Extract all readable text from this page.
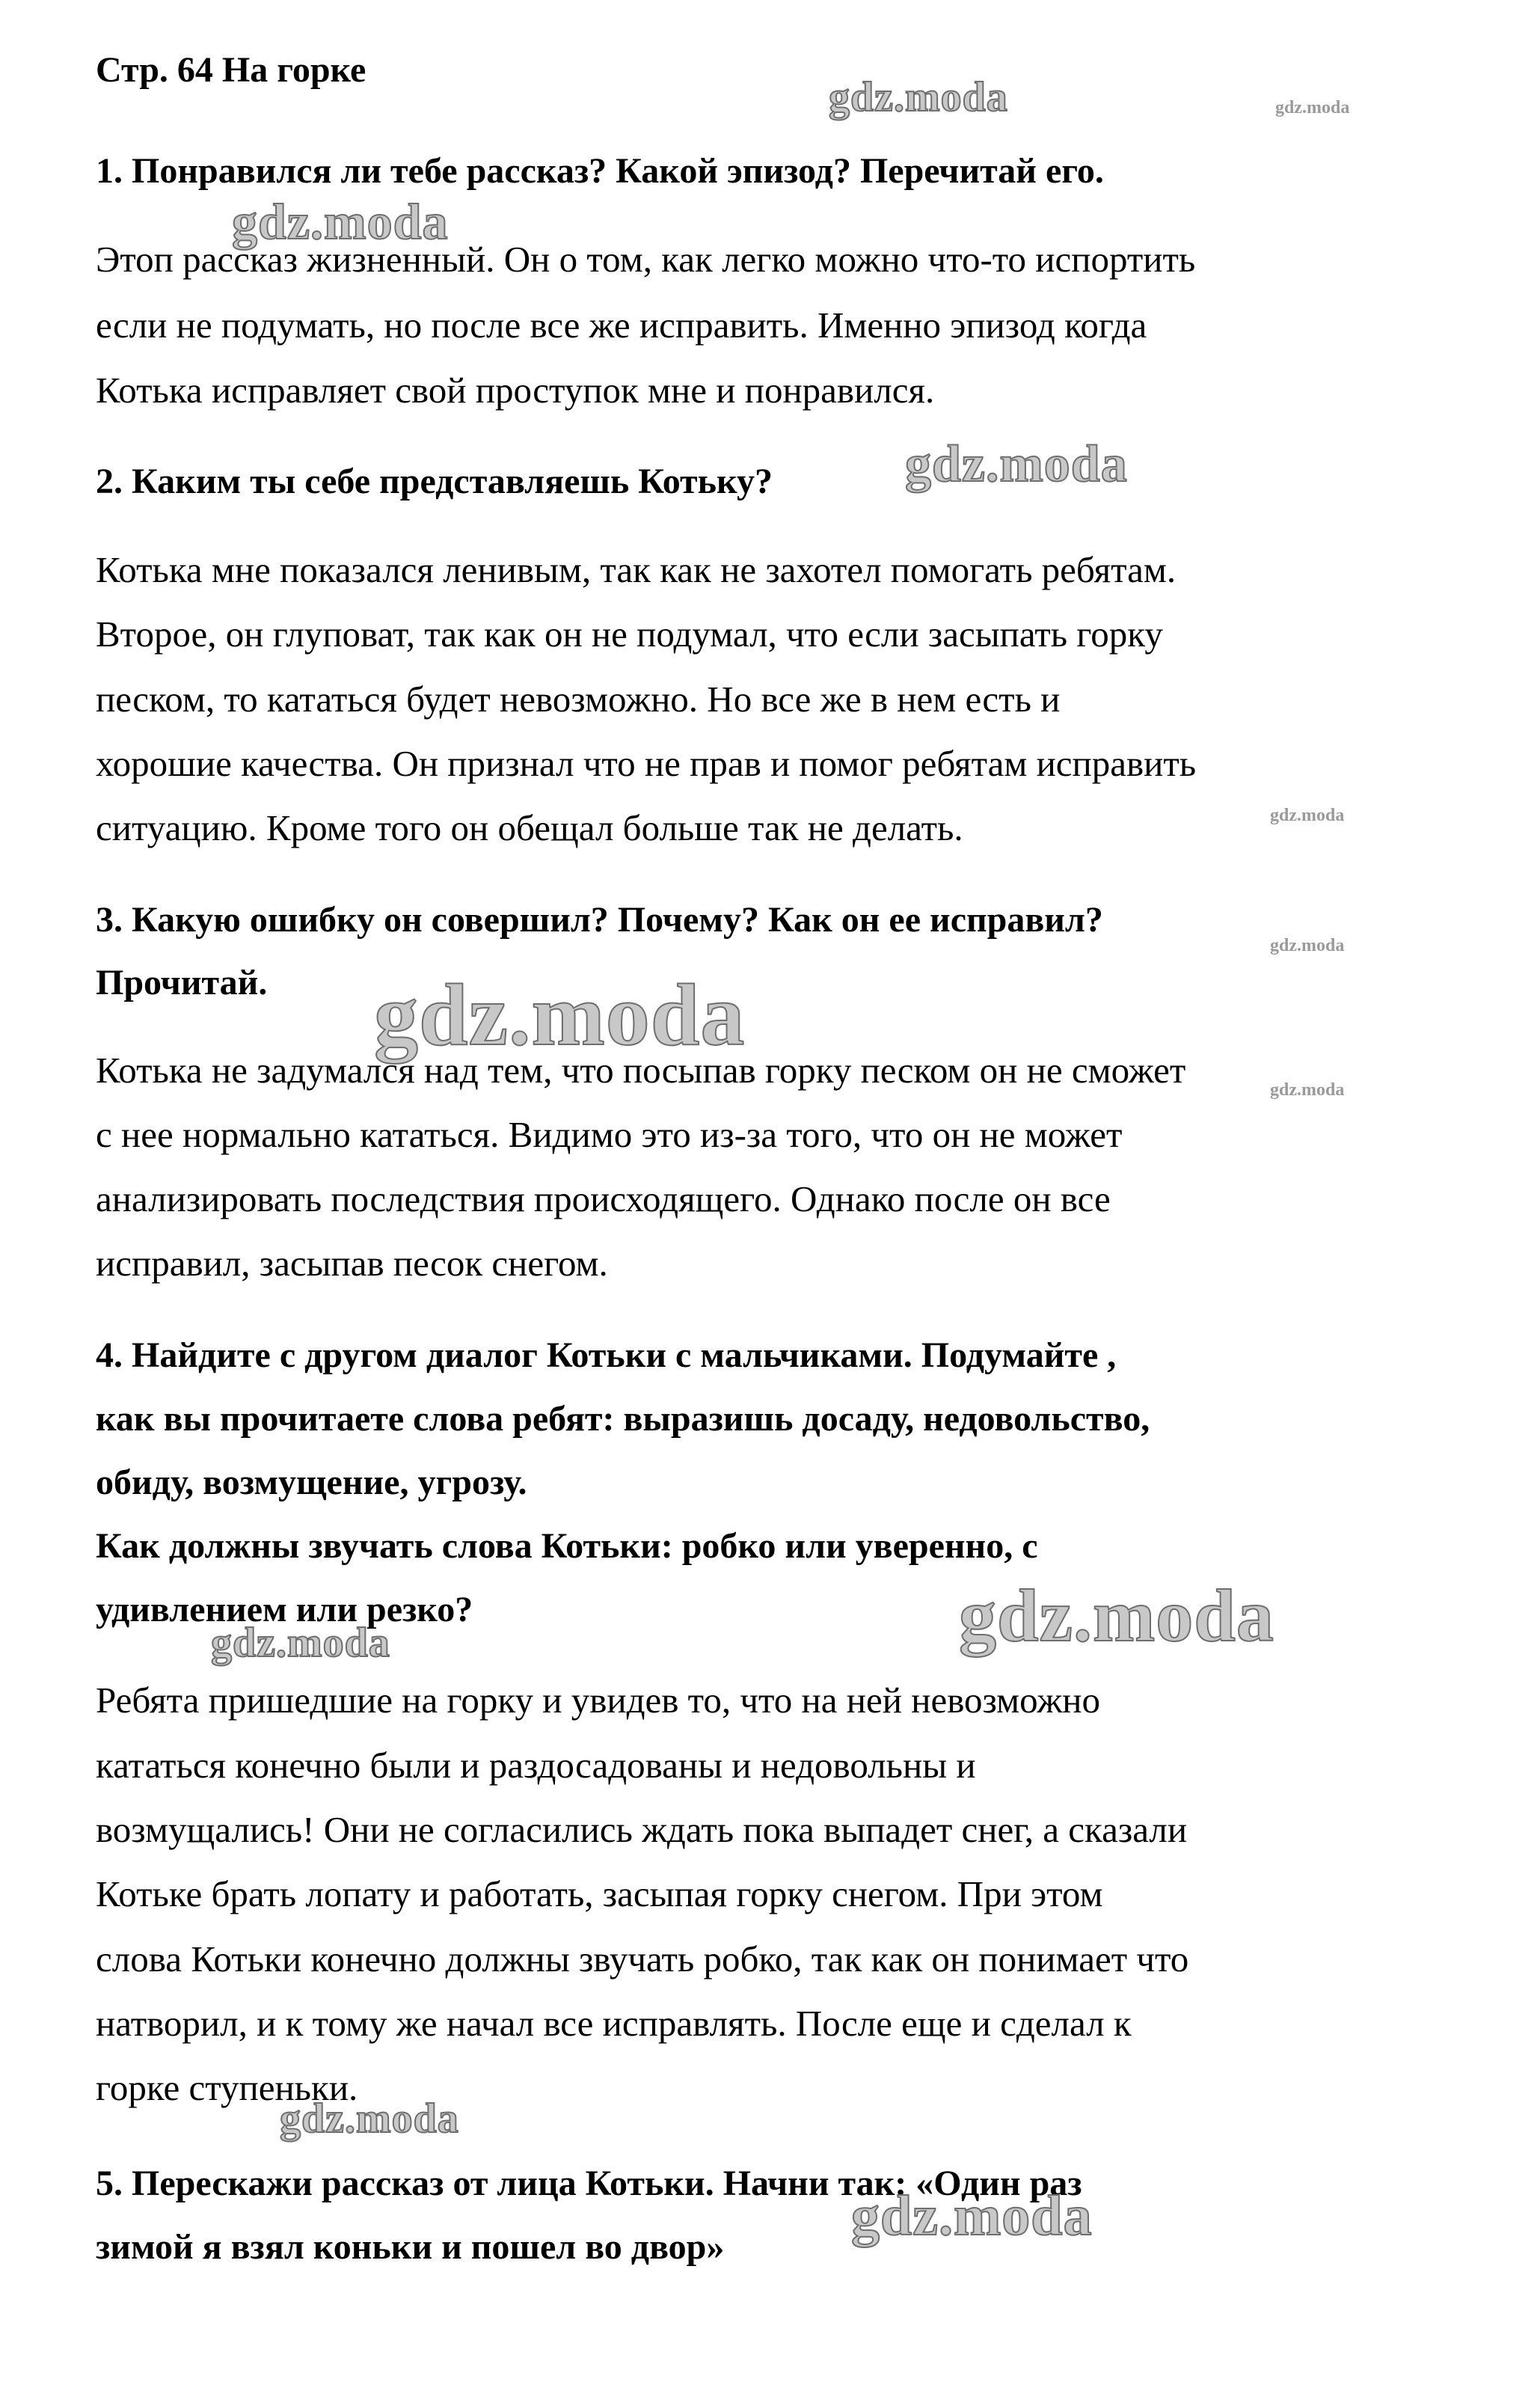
Стр. 64 На горке
1. Понравился ли тебе рассказ? Какой эпизод? Перечитай его.
Этоп рассказ жизненный. Он о том, как легко можно что-то испортить
если не подумать, но после все же исправить. Именно эпизод когда
Котька исправляет свой проступок мне и понравился.
2. Каким ты себе представляешь Котьку?
Котька мне показался ленивым, так как не захотел помогать ребятам.
Второе, он глуповат, так как он не подумал, что если засыпать горку
песком, то кататься будет невозможно. Но все же в нем есть и
хорошие качества. Он признал что не прав и помог ребятам исправить
ситуацию. Кроме того он обещал больше так не делать.
3. Какую ошибку он совершил? Почему? Как он ее исправил?
Прочитай.
Котька не задумался над тем, что посыпав горку песком он не сможет
с нее нормально кататься. Видимо это из-за того, что он не может
анализировать последствия происходящего. Однако после он все
исправил, засыпав песок снегом.
4. Найдите с другом диалог Котьки с мальчиками. Подумайте ,
как вы прочитаете слова ребят: выразишь досаду, недовольство,
обиду, возмущение, угрозу.
Как должны звучать слова Котьки: робко или уверенно, с
удивлением или резко?
Ребята пришедшие на горку и увидев то, что на ней невозможно
кататься конечно были и раздосадованы и недовольны и
возмущались! Они не согласились ждать пока выпадет снег, а сказали
Котьке брать лопату и работать, засыпая горку снегом. При этом
слова Котьки конечно должны звучать робко, так как он понимает что
натворил, и к тому же начал все исправлять. После еще и сделал к
горке ступеньки.
5. Перескажи рассказ от лица Котьки. Начни так: «Один раз
зимой я взял коньки и пошел во двор»
gdz.moda	gdz.moda
gdz.moda
gdz.moda
gdz.moda
gdz.moda
gdz.moda
gdz.moda
gdz.moda
gdz.moda
gdz.moda
gdz.moda
